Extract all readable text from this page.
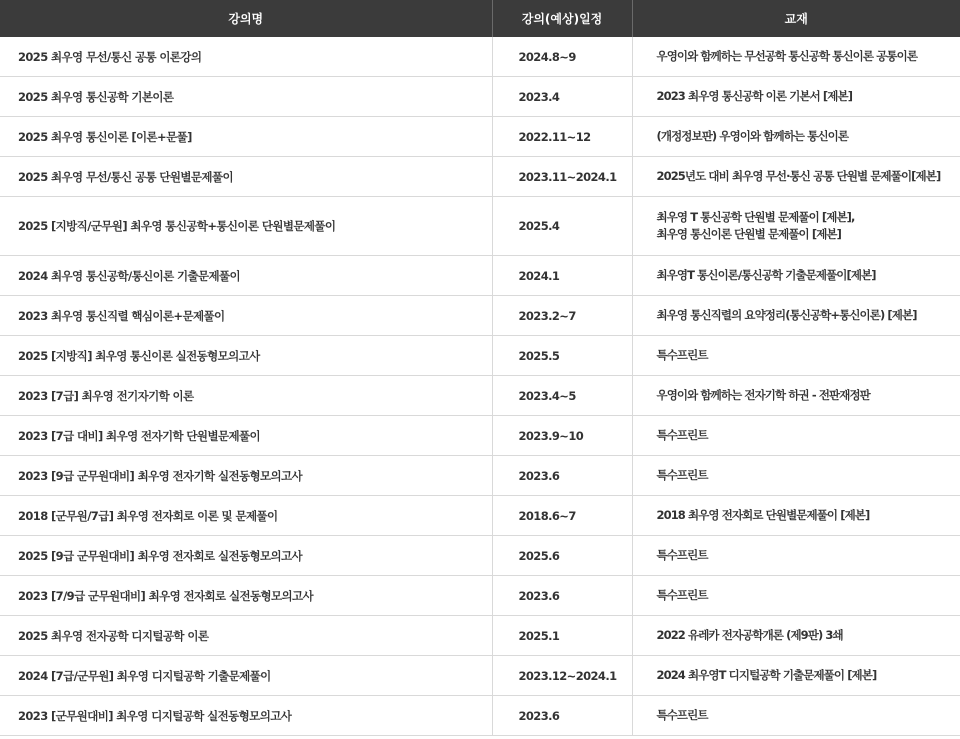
강의명	강의(예상)일정	교재
2025 최우영 무선/통신 공통 이론강의	2024.8~9	우영이와 함께하는 무선공학 통신공학 통신이론 공통이론

2025 최우영 통신공학 기본이론	2023.4	2023 최우영 통신공학 이론 기본서 [제본]

2025 최우영 통신이론 [이론+문풀]	2022.11~12	(개정정보판) 우영이와 함께하는 통신이론

2025 최우영 무선/통신 공통 단원별문제풀이	2023.11~2024.1	2025년도 대비 최우영 무선·통신 공통 단원별 문제풀이[제본]

2025 [지방직/군무원] 최우영 통신공학+통신이론 단원별문제풀이	2025.4	최우영 T 통신공학 단원별 문제풀이 [제본],
최우영 통신이론 단원별 문제풀이 [제본]

2024 최우영 통신공학/통신이론 기출문제풀이	2024.1	최우영T 통신이론/통신공학 기출문제풀이[제본]

2023 최우영 통신직렬 핵심이론+문제풀이	2023.2~7	최우영 통신직렬의 요약정리(통신공학+통신이론) [제본]

2025 [지방직] 최우영 통신이론 실전동형모의고사	2025.5	특수프린트

2023 [7급] 최우영 전기자기학 이론	2023.4~5	우영이와 함께하는 전자기학 하권 - 전판재정판

2023 [7급 대비] 최우영 전자기학 단원별문제풀이	2023.9~10	특수프린트

2023 [9급 군무원대비] 최우영 전자기학 실전동형모의고사	2023.6	특수프린트

2018 [군무원/7급] 최우영 전자회로 이론 및 문제풀이	2018.6~7	2018 최우영 전자회로 단원별문제풀이 [제본]

2025 [9급 군무원대비] 최우영 전자회로 실전동형모의고사	2025.6	특수프린트

2023 [7/9급 군무원대비] 최우영 전자회로 실전동형모의고사	2023.6	특수프린트

2025 최우영 전자공학 디지털공학 이론	2025.1	2022 유레카 전자공학개론 (제9판) 3쇄

2024 [7급/군무원] 최우영 디지털공학 기출문제풀이	2023.12~2024.1	2024 최우영T 디지털공학 기출문제풀이 [제본]

2023 [군무원대비] 최우영 디지털공학 실전동형모의고사	2023.6	특수프린트
